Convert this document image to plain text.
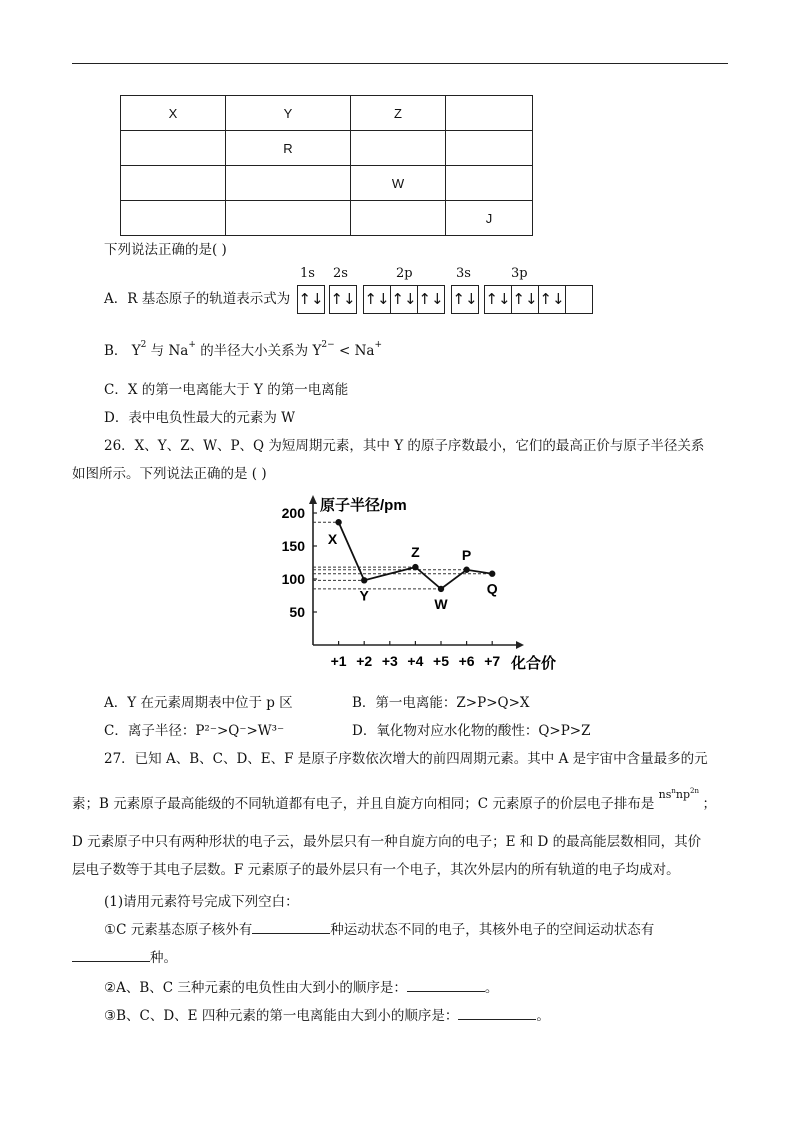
X	Y	Z	
	R		
		W	
			J
下列说法正确的是( )
1s 2s	2p	3s	3p
A．R 基态原子的轨道表示式为 ↑↓ ↑↓ ↑↓ ↑↓ ↑↓ ↑↓ ↑↓ ↑↓ ↑↓
B． $Y^2$ 与 Na+ 的半径大小关系为 $Y^{2-} < Na^+$
C．X 的第一电离能大于 Y 的第一电离能
D．表中电负性最大的元素为 W
26．X、Y、Z、W、P、Q 为短周期元素，其中 Y 的原子序数最小，它们的最高正价与原子半径关系
如图所示。下列说法正确的是 ( )
原子半径/pm
化合价
50
100
150
200
+1 +2 +3 +4 +5 +6 +7
X
Y
Z
W
P
Q
A．Y 在元素周期表中位于 p 区	B．第一电离能：Z>P>Q>X
C．离子半径：P²⁻>Q⁻>W³⁻	D．氧化物对应水化物的酸性：Q>P>Z
27．已知 A、B、C、D、E、F 是原子序数依次增大的前四周期元素。其中 A 是宇宙中含量最多的元
素；B 元素原子最高能级的不同轨道都有电子，并且自旋方向相同；C 元素原子的价层电子排布是 $^{ns^nnp^{2n}}$ ；
D 元素原子中只有两种形状的电子云，最外层只有一种自旋方向的电子；E 和 D 的最高能层数相同，其价
层电子数等于其电子层数。F 元素原子的最外层只有一个电子，其次外层内的所有轨道的电子均成对。
(1)请用元素符号完成下列空白：
①C 元素基态原子核外有	种运动状态不同的电子，其核外电子的空间运动状态有
种。
②A、B、C 三种元素的电负性由大到小的顺序是：	。
③B、C、D、E 四种元素的第一电离能由大到小的顺序是：	。
